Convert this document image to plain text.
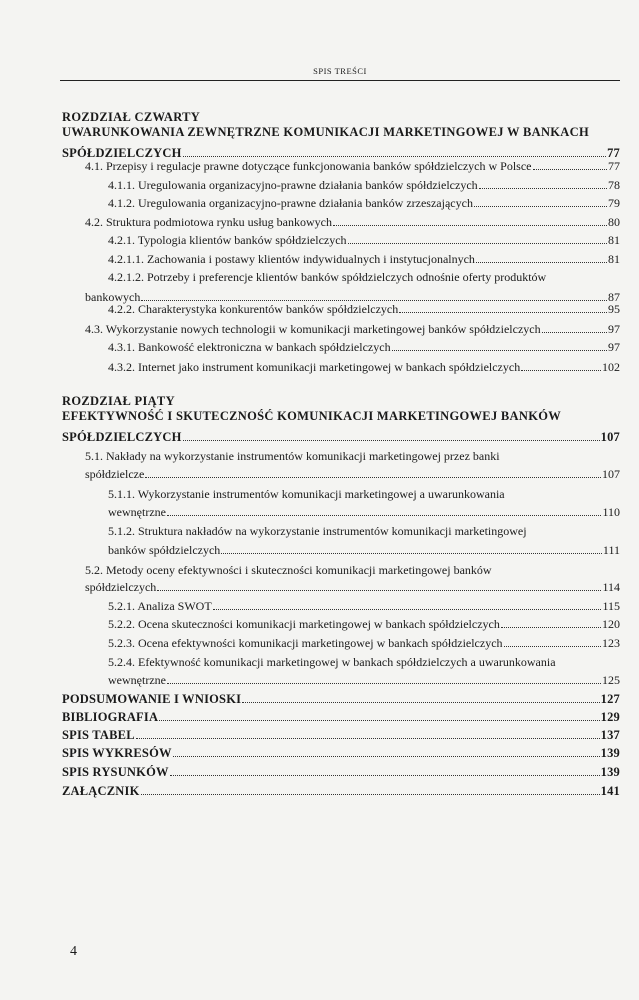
SPIS TREŚCI
ROZDZIAŁ CZWARTY
UWARUNKOWANIA ZEWNĘTRZNE KOMUNIKACJI MARKETINGOWEJ W BANKACH
SPÓŁDZIELCZYCH	77
4.1. Przepisy i regulacje prawne dotyczące funkcjonowania banków spółdzielczych w Polsce	77
4.1.1. Uregulowania organizacyjno-prawne działania banków spółdzielczych	78
4.1.2. Uregulowania organizacyjno-prawne działania banków zrzeszających	79
4.2. Struktura podmiotowa rynku usług bankowych	80
4.2.1. Typologia klientów banków spółdzielczych	81
4.2.1.1. Zachowania i postawy klientów indywidualnych i instytucjonalnych	81
4.2.1.2. Potrzeby i preferencje klientów banków spółdzielczych odnośnie oferty produktów
bankowych	87
4.2.2. Charakterystyka konkurentów banków spółdzielczych	95
4.3. Wykorzystanie nowych technologii w komunikacji marketingowej banków spółdzielczych	97
4.3.1. Bankowość elektroniczna w bankach spółdzielczych	97
4.3.2. Internet jako instrument komunikacji marketingowej w bankach spółdzielczych	102
ROZDZIAŁ PIĄTY
EFEKTYWNOŚĆ I SKUTECZNOŚĆ KOMUNIKACJI MARKETINGOWEJ BANKÓW
SPÓŁDZIELCZYCH	107
5.1. Nakłady na wykorzystanie instrumentów komunikacji marketingowej przez banki
spółdzielcze	107
5.1.1. Wykorzystanie instrumentów komunikacji marketingowej a uwarunkowania
wewnętrzne	110
5.1.2. Struktura nakładów na wykorzystanie instrumentów komunikacji marketingowej
banków spółdzielczych	111
5.2. Metody oceny efektywności i skuteczności komunikacji marketingowej banków
spółdzielczych	114
5.2.1. Analiza SWOT	115
5.2.2. Ocena skuteczności komunikacji marketingowej w bankach spółdzielczych	120
5.2.3. Ocena efektywności komunikacji marketingowej w bankach spółdzielczych	123
5.2.4. Efektywność komunikacji marketingowej w bankach spółdzielczych a uwarunkowania
wewnętrzne	125
PODSUMOWANIE I WNIOSKI	127
BIBLIOGRAFIA	129
SPIS TABEL	137
SPIS WYKRESÓW	139
SPIS RYSUNKÓW	139
ZAŁĄCZNIK	141
4
